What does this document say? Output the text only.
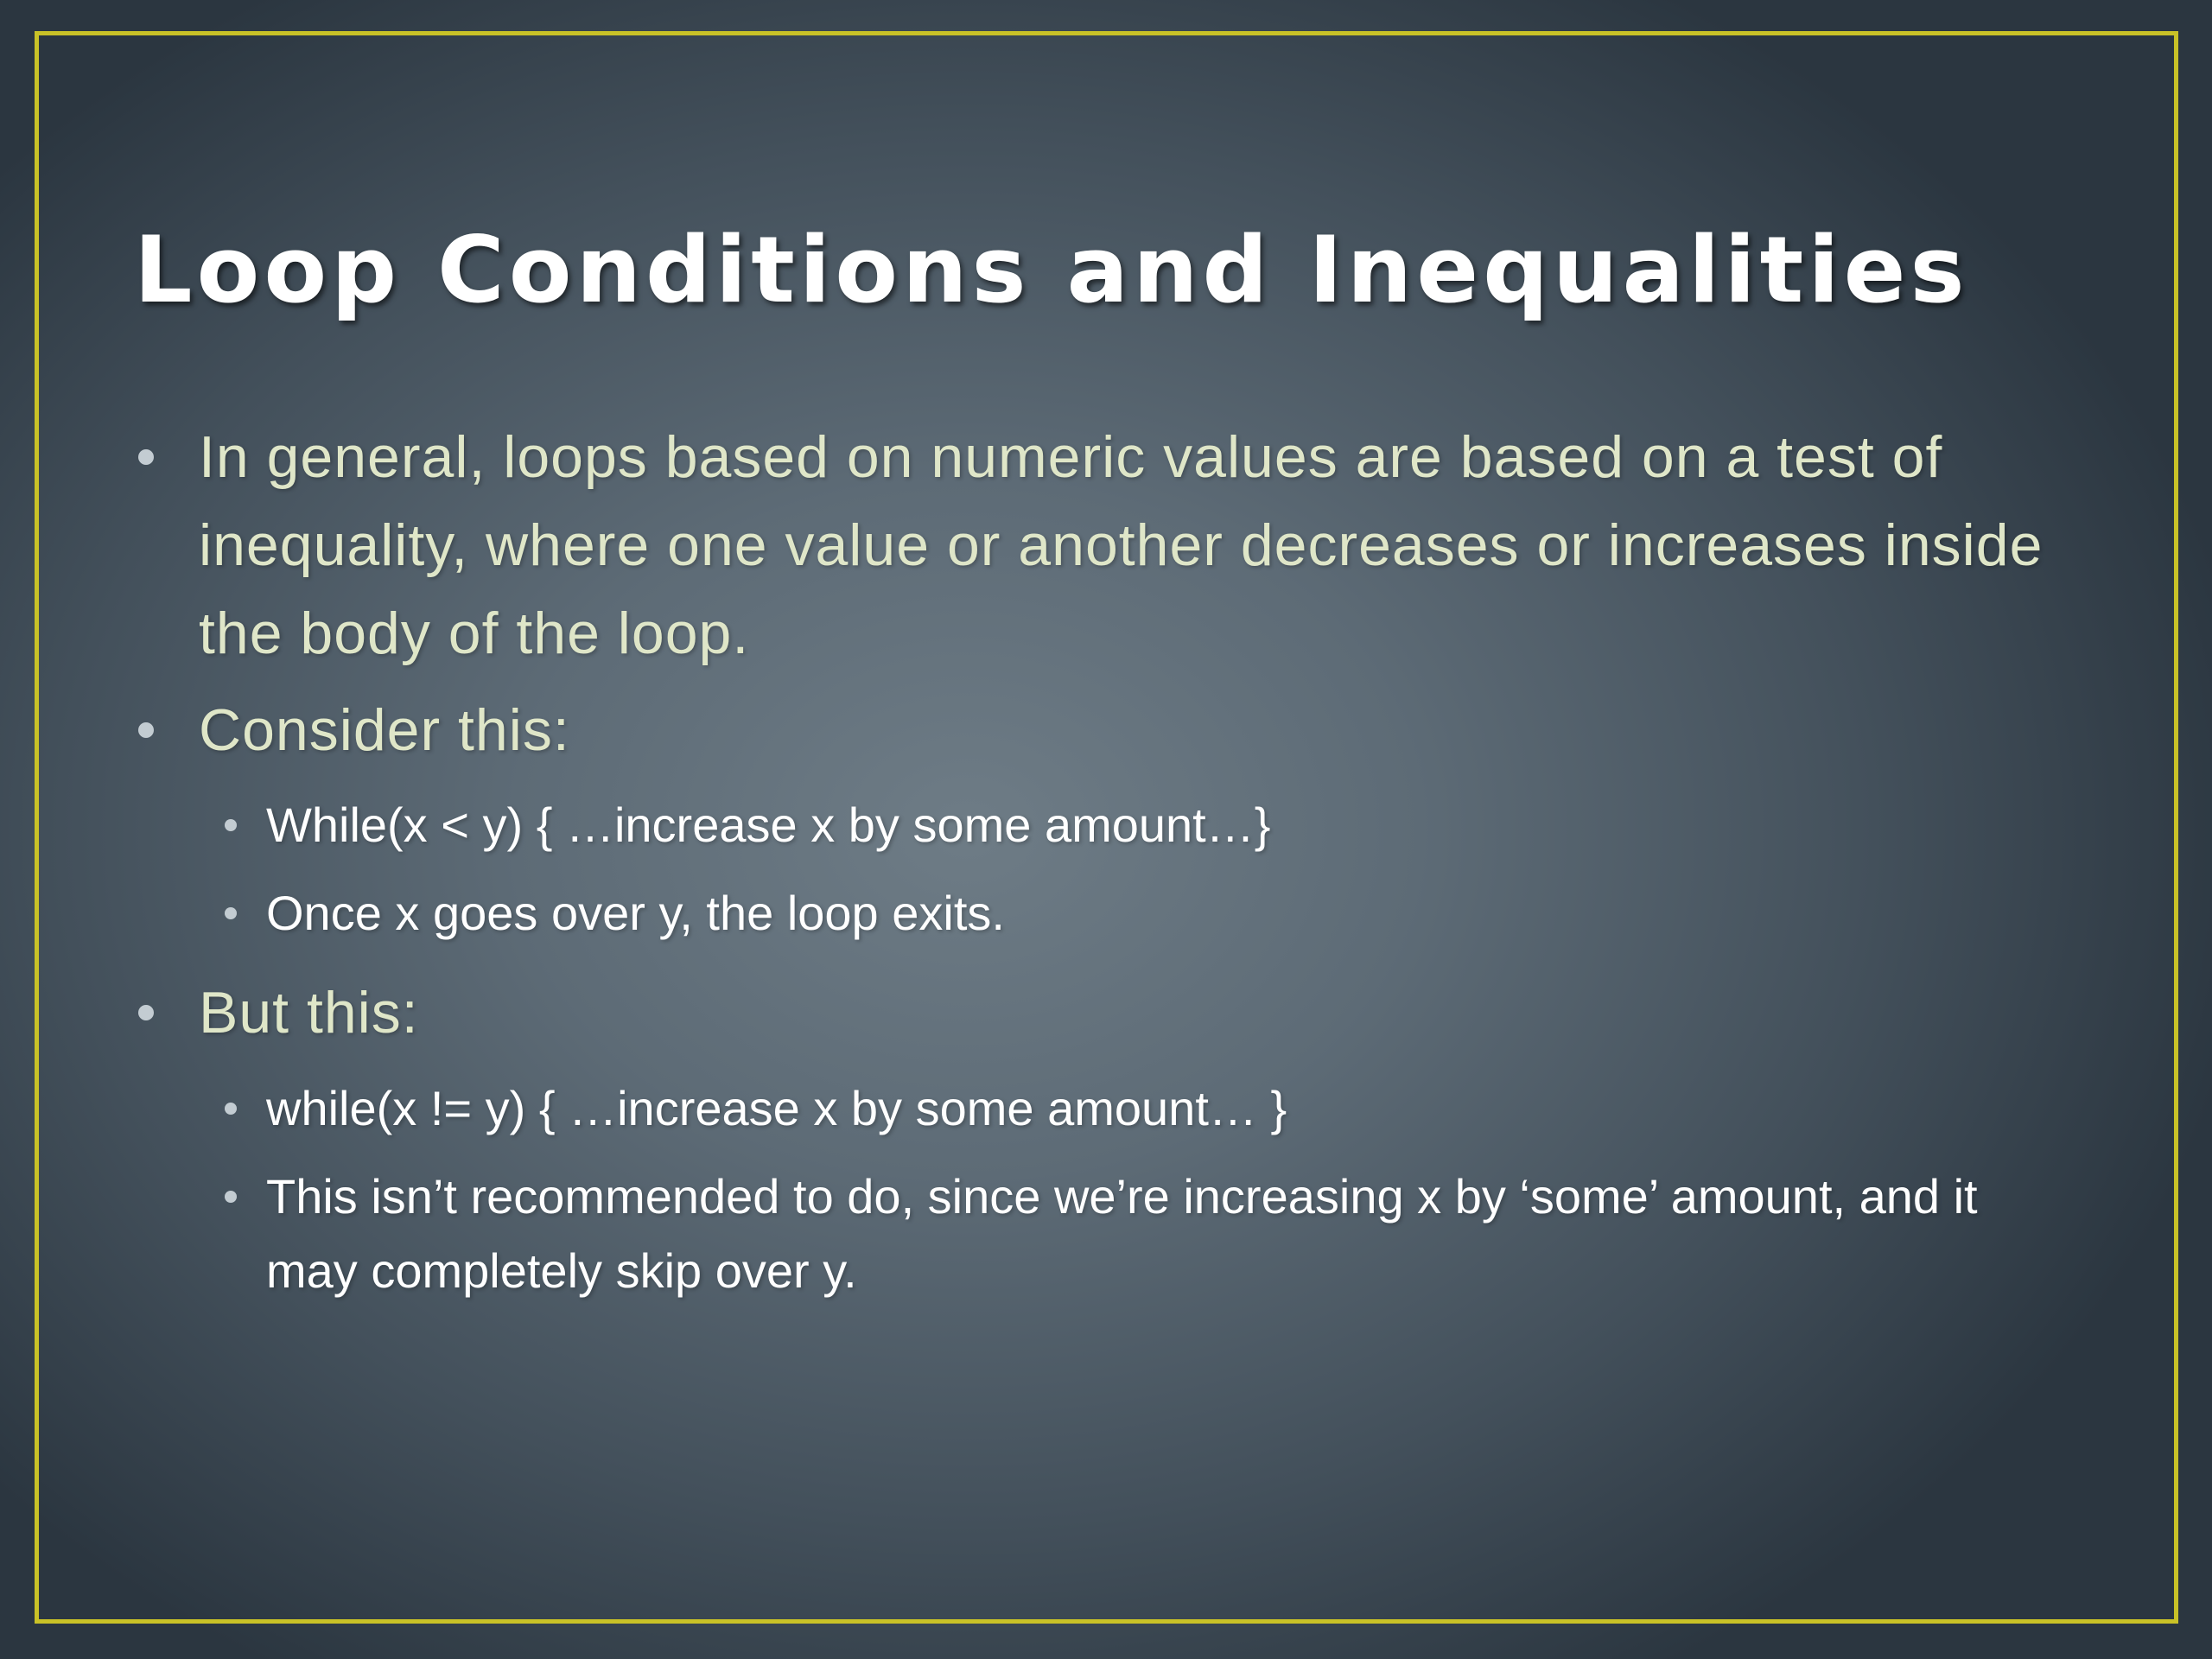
Loop Conditions and Inequalities
In general, loops based on numeric values are based on a test of inequality, where one value or another decreases or increases inside the body of the loop.
Consider this:
While(x < y) { …increase x by some amount…}
Once x goes over y, the loop exits.
But this:
while(x != y) { …increase x by some amount… }
This isn’t recommended to do, since we’re increasing x by ‘some’ amount, and it may completely skip over y.
